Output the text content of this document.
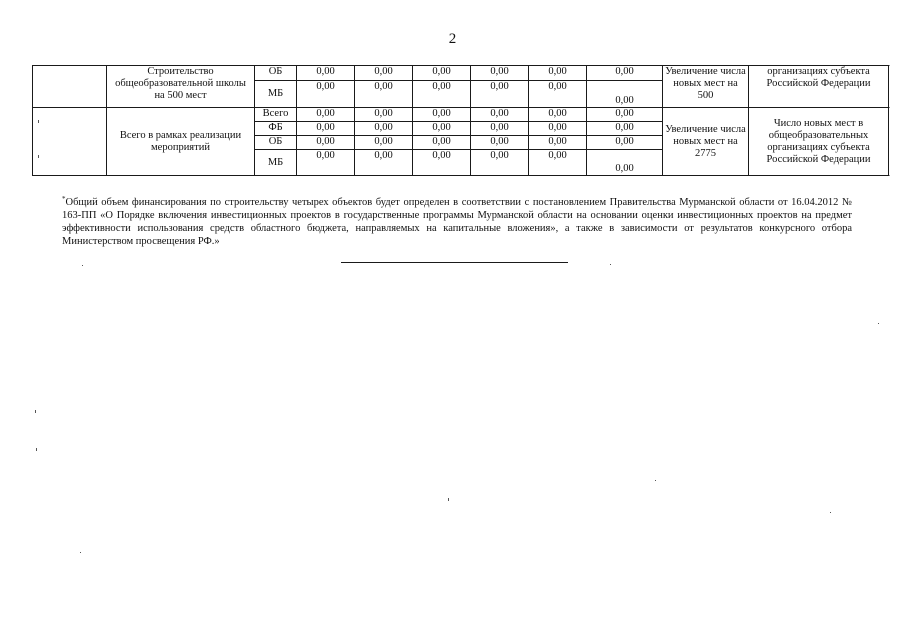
2
	Строительство общеобразовательной школы на 500 мест	ОБ	0,00	0,00	0,00	0,00	0,00	0,00	Увеличение числа новых мест на 500	организациях субъекта Российской Федерации
		МБ	0,00	0,00	0,00	0,00	0,00	0,00		
	Всего в рамках реализации мероприятий	Всего	0,00	0,00	0,00	0,00	0,00	0,00	Увеличение числа новых мест на 2775	Число новых мест в общеобразовательных организациях субъекта Российской Федерации
		ФБ	0,00	0,00	0,00	0,00	0,00	0,00		
		ОБ	0,00	0,00	0,00	0,00	0,00	0,00		
		МБ	0,00	0,00	0,00	0,00	0,00	0,00		
*Общий объем финансирования по строительству четырех объектов будет определен в соответствии с постановлением Правительства Мурманской области от 16.04.2012 № 163-ПП «О Порядке включения инвестиционных проектов в государственные программы Мурманской области на основании оценки инвестиционных проектов на предмет эффективности использования средств областного бюджета, направляемых на капитальные вложения», а также в зависимости от результатов конкурсного отбора Министерством просвещения РФ.»
